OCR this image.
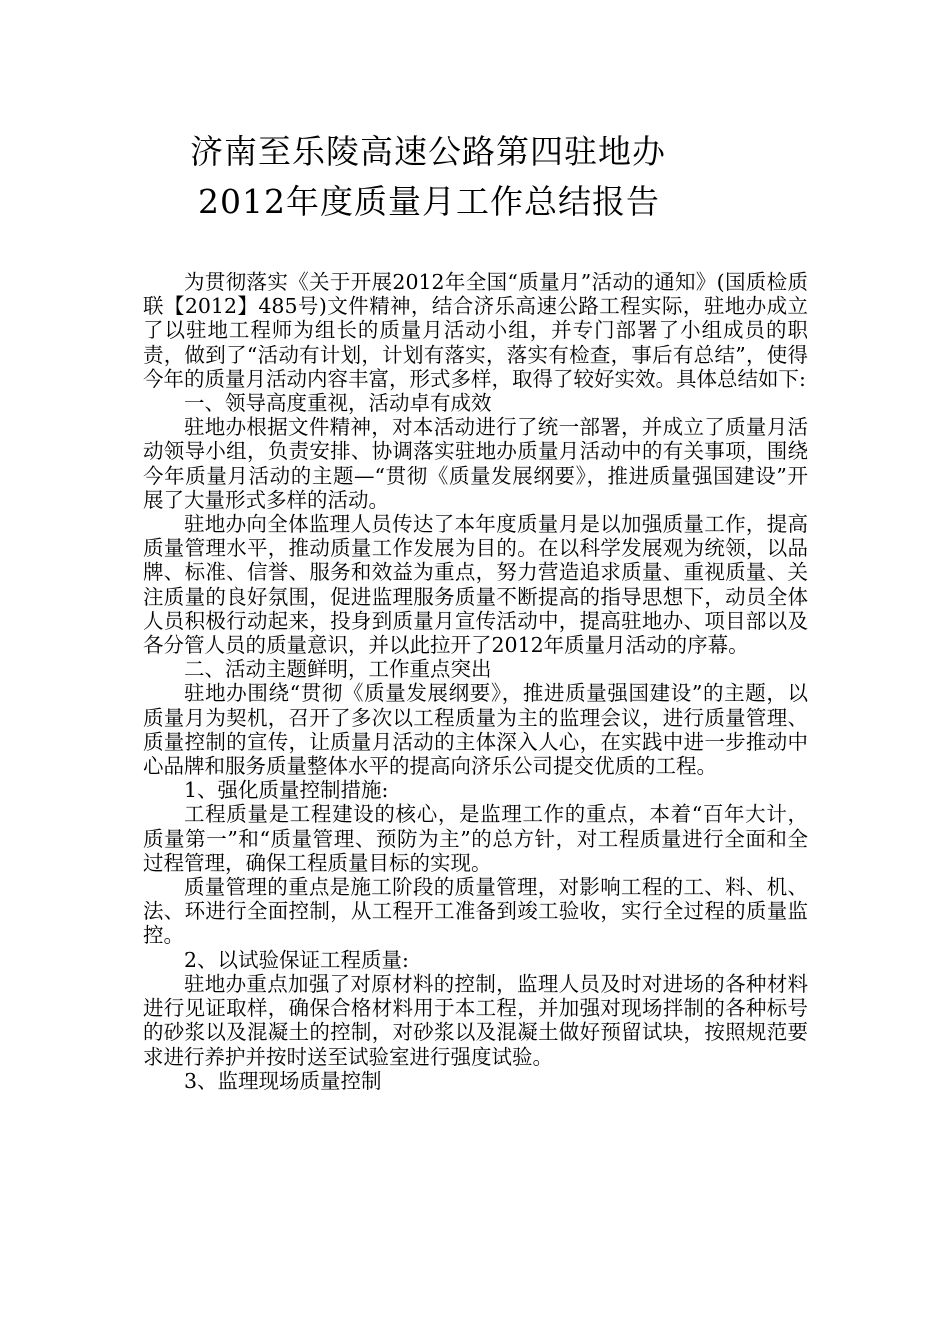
济南至乐陵高速公路第四驻地办
2012年度质量月工作总结报告

为贯彻落实《关于开展2012年全国“质量月”活动的通知》(国质检质联【2012】485号)文件精神，结合济乐高速公路工程实际，驻地办成立了以驻地工程师为组长的质量月活动小组，并专门部署了小组成员的职责，做到了“活动有计划，计划有落实，落实有检查，事后有总结”，使得今年的质量月活动内容丰富，形式多样，取得了较好实效。具体总结如下:

一、领导高度重视，活动卓有成效

驻地办根据文件精神，对本活动进行了统一部署，并成立了质量月活动领导小组，负责安排、协调落实驻地办质量月活动中的有关事项，围绕今年质量月活动的主题—“贯彻《质量发展纲要》，推进质量强国建设”开展了大量形式多样的活动。

驻地办向全体监理人员传达了本年度质量月是以加强质量工作，提高质量管理水平，推动质量工作发展为目的。在以科学发展观为统领，以品牌、标准、信誉、服务和效益为重点，努力营造追求质量、重视质量、关注质量的良好氛围，促进监理服务质量不断提高的指导思想下，动员全体人员积极行动起来，投身到质量月宣传活动中，提高驻地办、项目部以及各分管人员的质量意识，并以此拉开了2012年质量月活动的序幕。

二、活动主题鲜明，工作重点突出

驻地办围绕“贯彻《质量发展纲要》，推进质量强国建设”的主题，以质量月为契机，召开了多次以工程质量为主的监理会议，进行质量管理、质量控制的宣传，让质量月活动的主体深入人心，在实践中进一步推动中心品牌和服务质量整体水平的提高向济乐公司提交优质的工程。

1、强化质量控制措施:

工程质量是工程建设的核心，是监理工作的重点，本着“百年大计，质量第一”和“质量管理、预防为主”的总方针，对工程质量进行全面和全过程管理，确保工程质量目标的实现。

质量管理的重点是施工阶段的质量管理，对影响工程的工、料、机、法、环进行全面控制，从工程开工准备到竣工验收，实行全过程的质量监控。

2、以试验保证工程质量:

驻地办重点加强了对原材料的控制，监理人员及时对进场的各种材料进行见证取样，确保合格材料用于本工程，并加强对现场拌制的各种标号的砂浆以及混凝土的控制，对砂浆以及混凝土做好预留试块，按照规范要求进行养护并按时送至试验室进行强度试验。

3、监理现场质量控制
